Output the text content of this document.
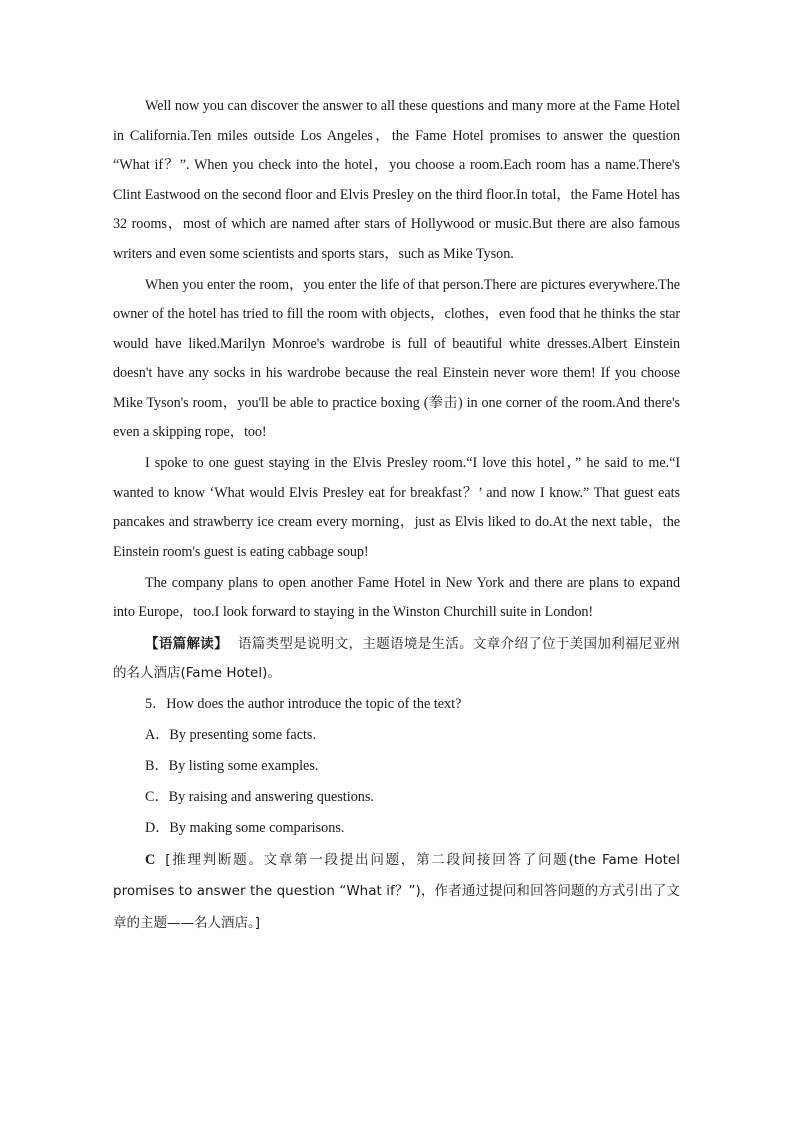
Well now you can discover the answer to all these questions and many more at the Fame Hotel in California.Ten miles outside Los Angeles，the Fame Hotel promises to answer the question “What if？”. When you check into the hotel，you choose a room.Each room has a name.There's Clint Eastwood on the second floor and Elvis Presley on the third floor.In total，the Fame Hotel has 32 rooms，most of which are named after stars of Hollywood or music.But there are also famous writers and even some scientists and sports stars，such as Mike Tyson.

When you enter the room，you enter the life of that person.There are pictures everywhere.The owner of the hotel has tried to fill the room with objects，clothes，even food that he thinks the star would have liked.Marilyn Monroe's wardrobe is full of beautiful white dresses.Albert Einstein doesn't have any socks in his wardrobe because the real Einstein never wore them! If you choose Mike Tyson's room，you'll be able to practice boxing (拳击) in one corner of the room.And there's even a skipping rope，too!

I spoke to one guest staying in the Elvis Presley room.“I love this hotel，” he said to me.“I wanted to know ‘What would Elvis Presley eat for breakfast？’ and now I know.” That guest eats pancakes and strawberry ice cream every morning，just as Elvis liked to do.At the next table，the Einstein room's guest is eating cabbage soup!

The company plans to open another Fame Hotel in New York and there are plans to expand into Europe，too.I look forward to staying in the Winston Churchill suite in London!

【语篇解读】 语篇类型是说明文，主题语境是生活。文章介绍了位于美国加利福尼亚州的名人酒店(Fame Hotel)。

5．How does the author introduce the topic of the text?

A．By presenting some facts.

B．By listing some examples.

C．By raising and answering questions.

D．By making some comparisons.

C [推理判断题。文章第一段提出问题，第二段间接回答了问题(the Fame Hotel promises to answer the question “What if？”)，作者通过提问和回答问题的方式引出了文章的主题——名人酒店。]
